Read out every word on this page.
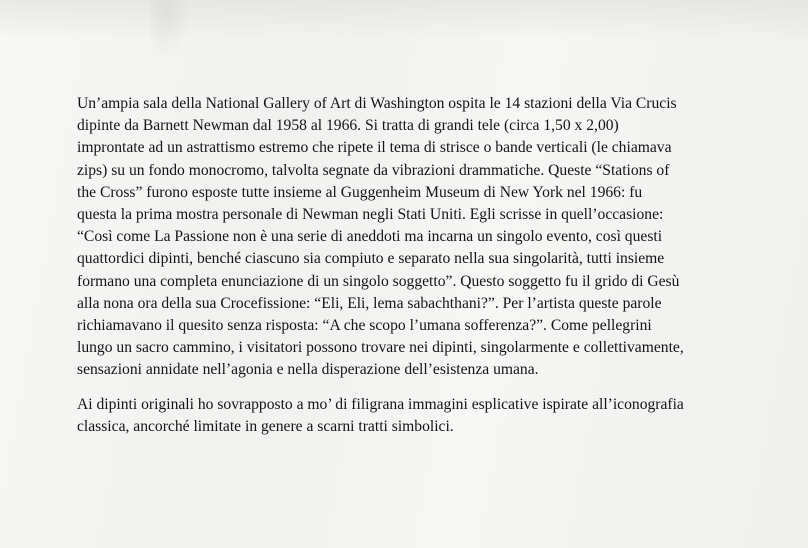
Un’ampia sala della National Gallery of Art di Washington ospita le 14 stazioni della Via Crucis
dipinte da Barnett Newman dal 1958 al 1966. Si tratta di grandi tele (circa 1,50 x 2,00)
improntate ad un astrattismo estremo che ripete il tema di strisce o bande verticali (le chiamava
zips) su un fondo monocromo, talvolta segnate da vibrazioni drammatiche. Queste “Stations of
the Cross” furono esposte tutte insieme al Guggenheim Museum di New York nel 1966: fu
questa la prima mostra personale di Newman negli Stati Uniti. Egli scrisse in quell’occasione:
“Così come La Passione non è una serie di aneddoti ma incarna un singolo evento, così questi
quattordici dipinti, benché ciascuno sia compiuto e separato nella sua singolarità, tutti insieme
formano una completa enunciazione di un singolo soggetto”. Questo soggetto fu il grido di Gesù
alla nona ora della sua Crocefissione: “Eli, Eli, lema sabachthani?”. Per l’artista queste parole
richiamavano il quesito senza risposta: “A che scopo l’umana sofferenza?”. Come pellegrini
lungo un sacro cammino, i visitatori possono trovare nei dipinti, singolarmente e collettivamente,
sensazioni annidate nell’agonia e nella disperazione dell’esistenza umana.

Ai dipinti originali ho sovrapposto a mo’ di filigrana immagini esplicative ispirate all’iconografia
classica, ancorché limitate in genere a scarni tratti simbolici.
